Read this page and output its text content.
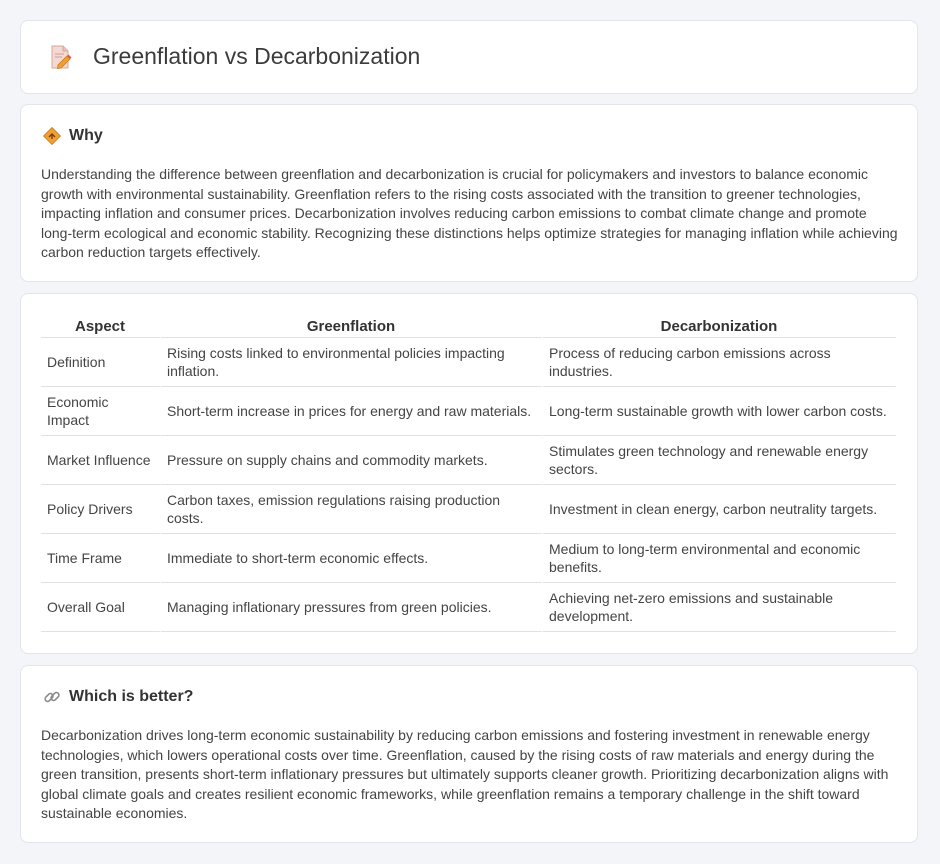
Greenflation vs Decarbonization
Why

Understanding the difference between greenflation and decarbonization is crucial for policymakers and investors to balance economic growth with environmental sustainability. Greenflation refers to the rising costs associated with the transition to greener technologies, impacting inflation and consumer prices. Decarbonization involves reducing carbon emissions to combat climate change and promote long-term ecological and economic stability. Recognizing these distinctions helps optimize strategies for managing inflation while achieving carbon reduction targets effectively.

Aspect	Greenflation	Decarbonization
Definition	Rising costs linked to environmental policies impacting inflation.	Process of reducing carbon emissions across industries.
Economic Impact	Short-term increase in prices for energy and raw materials.	Long-term sustainable growth with lower carbon costs.
Market Influence	Pressure on supply chains and commodity markets.	Stimulates green technology and renewable energy sectors.
Policy Drivers	Carbon taxes, emission regulations raising production costs.	Investment in clean energy, carbon neutrality targets.
Time Frame	Immediate to short-term economic effects.	Medium to long-term environmental and economic benefits.
Overall Goal	Managing inflationary pressures from green policies.	Achieving net-zero emissions and sustainable development.
Which is better?

Decarbonization drives long-term economic sustainability by reducing carbon emissions and fostering investment in renewable energy technologies, which lowers operational costs over time. Greenflation, caused by the rising costs of raw materials and energy during the green transition, presents short-term inflationary pressures but ultimately supports cleaner growth. Prioritizing decarbonization aligns with global climate goals and creates resilient economic frameworks, while greenflation remains a temporary challenge in the shift toward sustainable economies.
